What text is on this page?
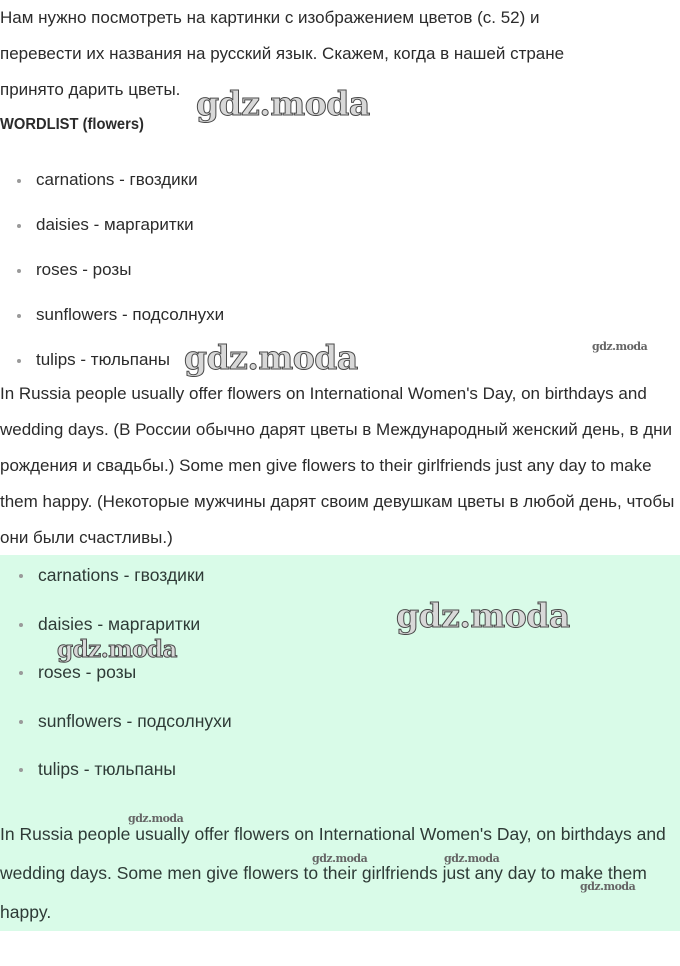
Нам нужно посмотреть на картинки с изображением цветов (с. 52) и

перевести их названия на русский язык. Скажем, когда в нашей стране

принято дарить цветы.

WORDLIST (flowers)

carnations - гвоздики
daisies - маргаритки
roses - розы
sunflowers - подсолнухи
tulips - тюльпаны

In Russia people usually offer flowers on International Women's Day, on birthdays and wedding days. (В России обычно дарят цветы в Международный женский день, в дни рождения и свадьбы.) Some men give flowers to their girlfriends just any day to make them happy. (Некоторые мужчины дарят своим девушкам цветы в любой день, чтобы они были счастливы.)

carnations - гвоздики
daisies - маргаритки
roses - розы
sunflowers - подсолнухи
tulips - тюльпаны

In Russia people usually offer flowers on International Women's Day, on birthdays and wedding days. Some men give flowers to their girlfriends just any day to make them happy.

gdz.moda
gdz.moda	gdz.moda
gdz.moda
gdz.moda
gdz.moda
gdz.moda	gdz.moda
gdz.moda
